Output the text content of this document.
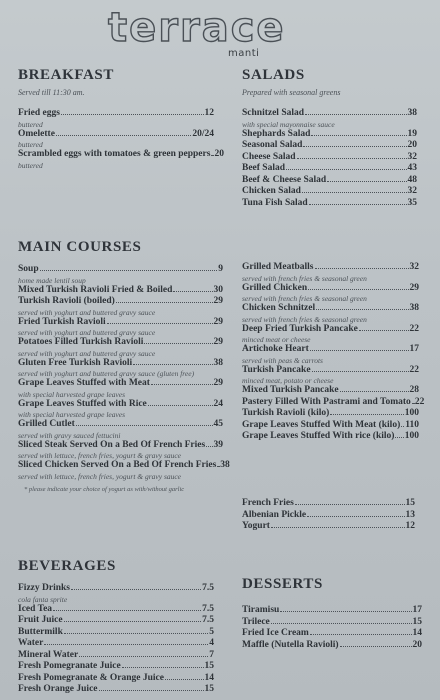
terrace
manti
BREAKFAST
Served till 11:30 am.
Fried eggs	12
buttered
Omelette	20/24
buttered
Scrambled eggs with tomatoes & green peppers 20
buttered
SALADS
Prepared with seasonal greens
Schnitzel Salad	38
with special mayonnaise sauce
Shephards Salad	19
Seasonal Salad	20
Cheese Salad	32
Beef Salad	43
Beef & Cheese Salad	48
Chicken Salad	32
Tuna Fish Salad	35
MAIN COURSES
Soup	9
home made lentil soup
Mixed Turkish Ravioli Fried & Boiled	30
Turkish Ravioli (boiled)	29
served with yoghurt and buttered gravy sauce
Fried Turkish Ravioli	29
served with yoghurt and buttered gravy sauce
Potatoes Filled Turkish Ravioli	29
served with yoghurt and buttered gravy sauce
Gluten Free Turkish Ravioli	38
served with yoghurt and buttered gravy sauce (gluten free)
Grape Leaves Stuffed with Meat	29
with special harvested grape leaves
Grape Leaves Stuffed with Rice	24
with special harvested grape leaves
Grilled Cutlet	45
served with gravy sauced fettucini
Sliced Steak Served On a Bed Of French Fries 39
served with lettuce, french fries, yogurt & gravy sauce
Sliced Chicken Served On a Bed Of French Fries 38
served with lettuce, french fries, yogurt & gravy sauce
* please indicate your choice of yogurt as with/without garlic
Grilled Meatballs	32
served with french fries & seasonal green
Grilled Chicken	29
served with french fries & seasonal green
Chicken Schnitzel	38
served with french fries & seasonal green
Deep Fried Turkish Pancake	22
minced meat or cheese
Artichoke Heart	17
served with peas & carrots
Turkish Pancake	22
minced meat, potato or cheese
Mixed Turkish Pancake	28
Pastery Filled With Pastrami and Tomato 22
Turkish Ravioli (kilo)	100
Grape Leaves Stuffed With Meat (kilo) 110
Grape Leaves Stuffed With rice (kilo) 100
French Fries	15
Albenian Pickle	13
Yogurt	12
BEVERAGES
Fizzy Drinks	7.5
cola fanta sprite
Iced Tea	7.5
Fruit Juice	7.5
Buttermilk	5
Water	4
Mineral Water	7
Fresh Pomegranate Juice	15
Fresh Pomegranate & Orange Juice	14
Fresh Orange Juice	15
DESSERTS
Tiramisu	17
Trilece	15
Fried Ice Cream	14
Maffle (Nutella Ravioli)	20
